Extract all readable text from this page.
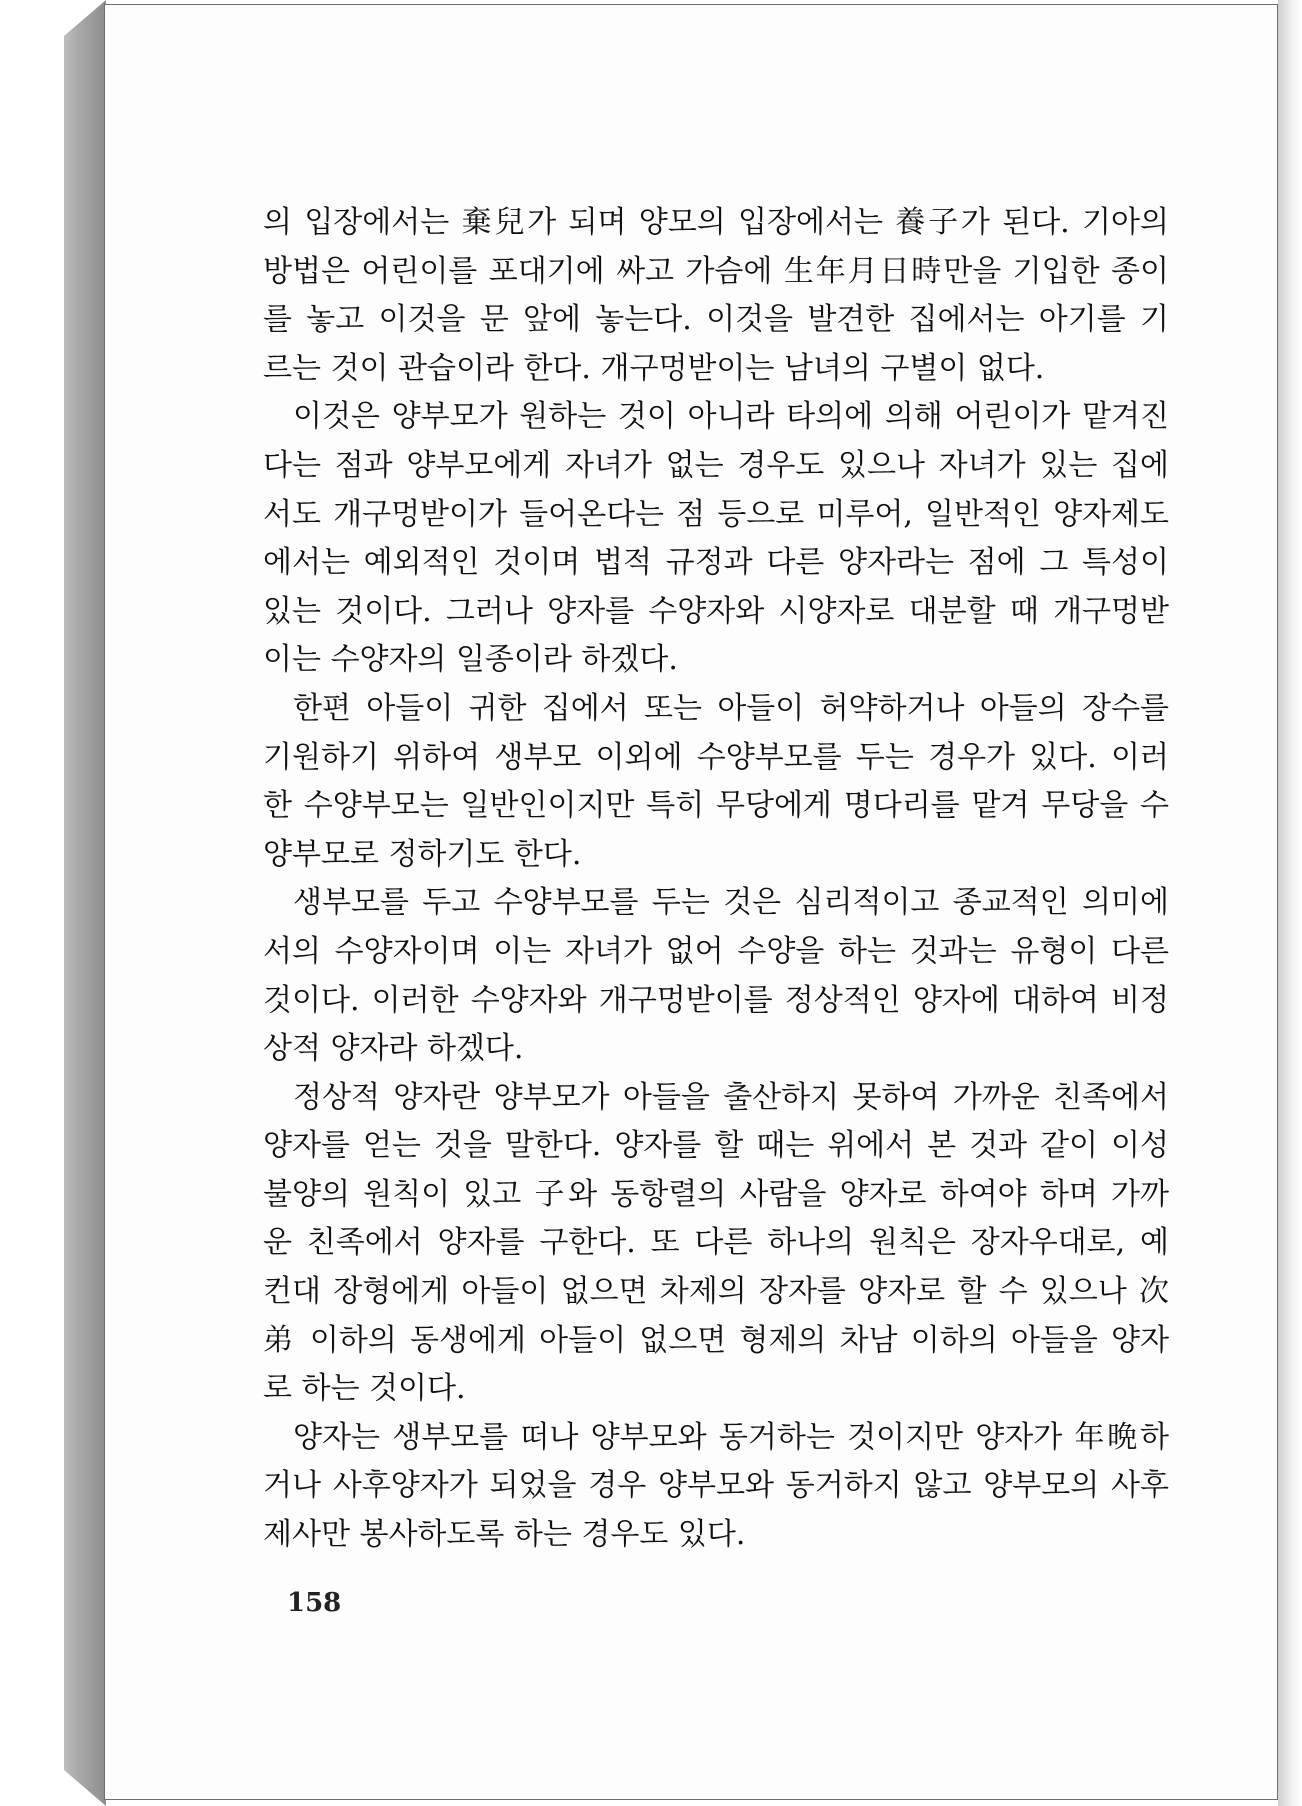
의 입장에서는 棄兒가 되며 양모의 입장에서는 養子가 된다. 기아의
방법은 어린이를 포대기에 싸고 가슴에 生年月日時만을 기입한 종이
를 놓고 이것을 문 앞에 놓는다. 이것을 발견한 집에서는 아기를 기
르는 것이 관습이라 한다. 개구멍받이는 남녀의 구별이 없다.
이것은 양부모가 원하는 것이 아니라 타의에 의해 어린이가 맡겨진
다는 점과 양부모에게 자녀가 없는 경우도 있으나 자녀가 있는 집에
서도 개구멍받이가 들어온다는 점 등으로 미루어, 일반적인 양자제도
에서는 예외적인 것이며 법적 규정과 다른 양자라는 점에 그 특성이
있는 것이다. 그러나 양자를 수양자와 시양자로 대분할 때 개구멍받
이는 수양자의 일종이라 하겠다.
한편 아들이 귀한 집에서 또는 아들이 허약하거나 아들의 장수를
기원하기 위하여 생부모 이외에 수양부모를 두는 경우가 있다. 이러
한 수양부모는 일반인이지만 특히 무당에게 명다리를 맡겨 무당을 수
양부모로 정하기도 한다.
생부모를 두고 수양부모를 두는 것은 심리적이고 종교적인 의미에
서의 수양자이며 이는 자녀가 없어 수양을 하는 것과는 유형이 다른
것이다. 이러한 수양자와 개구멍받이를 정상적인 양자에 대하여 비정
상적 양자라 하겠다.
정상적 양자란 양부모가 아들을 출산하지 못하여 가까운 친족에서
양자를 얻는 것을 말한다. 양자를 할 때는 위에서 본 것과 같이 이성
불양의 원칙이 있고 子와 동항렬의 사람을 양자로 하여야 하며 가까
운 친족에서 양자를 구한다. 또 다른 하나의 원칙은 장자우대로, 예
컨대 장형에게 아들이 없으면 차제의 장자를 양자로 할 수 있으나 次
弟 이하의 동생에게 아들이 없으면 형제의 차남 이하의 아들을 양자
로 하는 것이다.
양자는 생부모를 떠나 양부모와 동거하는 것이지만 양자가 年晩하
거나 사후양자가 되었을 경우 양부모와 동거하지 않고 양부모의 사후
제사만 봉사하도록 하는 경우도 있다.
158
